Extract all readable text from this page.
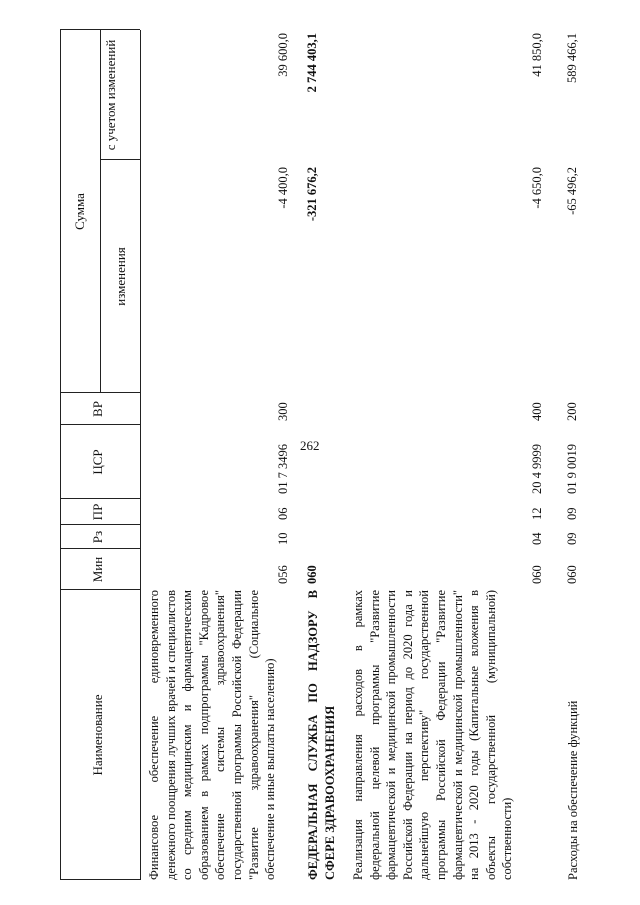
262
Наименование
Мин
Рз
ПР
ЦСР
ВР
Сумма
изменения
с учетом изменений
Финансовое обеспечение единовременного денежного поощрения лучших врачей и специалистов со средним медицинским и фармацевтическим образованием в рамках подпрограммы "Кадровое обеспечение системы здравоохранения" государственной программы Российской Федерации "Развитие здравоохранения" (Социальное обеспечение и иные выплаты населению)
056
10
06
01 7 3496
300
-4 400,0
39 600,0
ФЕДЕРАЛЬНАЯ СЛУЖБА ПО НАДЗОРУ В СФЕРЕ ЗДРАВООХРАНЕНИЯ
060
-321 676,2
2 744 403,1
Реализация направления расходов в рамках федеральной целевой программы "Развитие фармацевтической и медицинской промышленности Российской Федерации на период до 2020 года и дальнейшую перспективу" государственной программы Российской Федерации "Развитие фармацевтической и медицинской промышленности" на 2013 - 2020 годы (Капитальные вложения в объекты государственной (муниципальной) собственности)
060
04
12
20 4 9999
400
-4 650,0
41 850,0
Расходы на обеспечение функций
060
09
09
01 9 0019
200
-65 496,2
589 466,1
